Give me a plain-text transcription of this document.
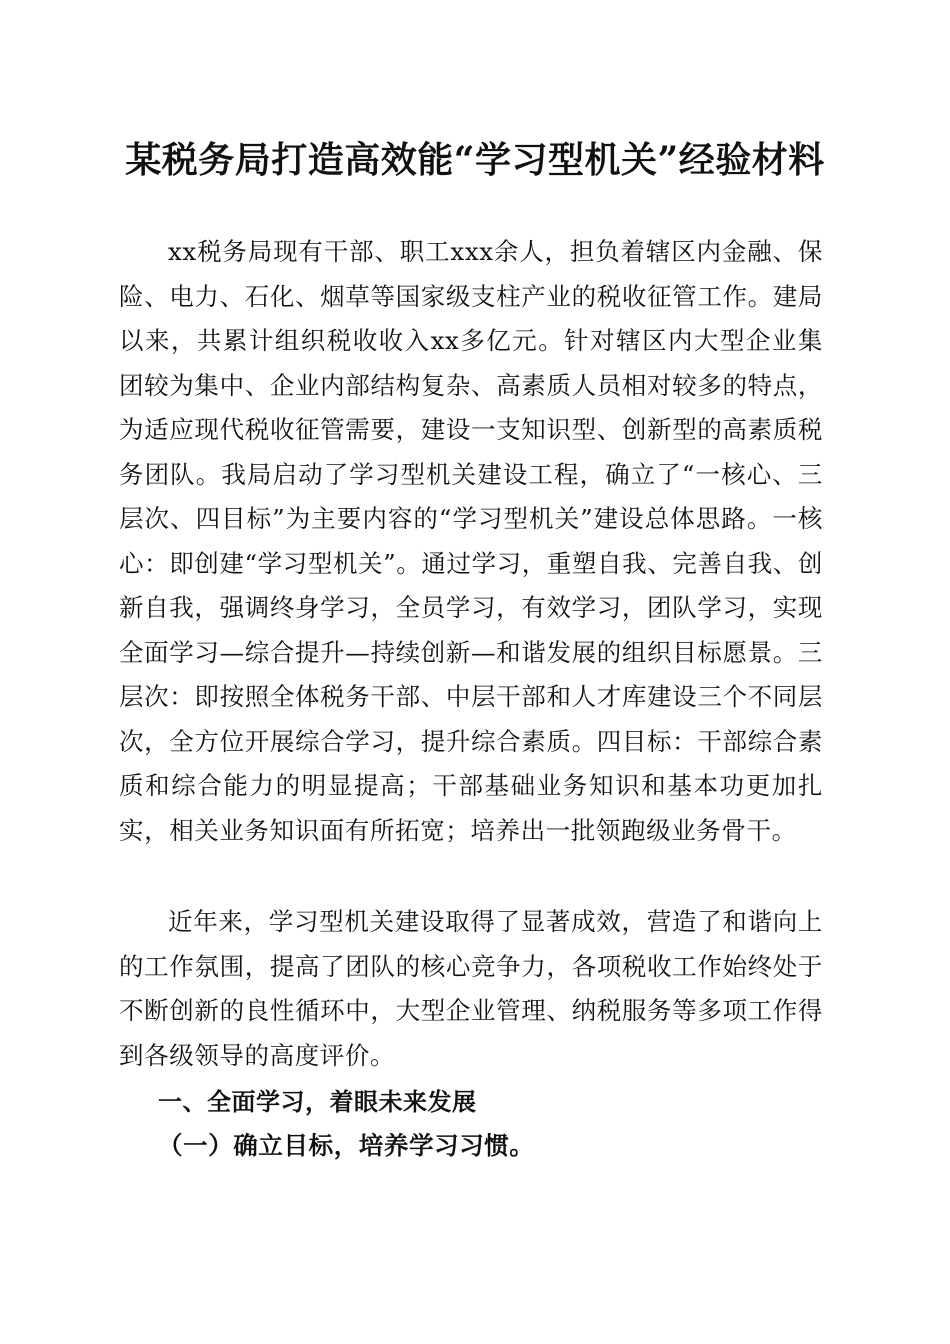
某税务局打造高效能“学习型机关”经验材料

xx税务局现有干部、职工xxx余人，担负着辖区内金融、保险、电力、石化、烟草等国家级支柱产业的税收征管工作。建局以来，共累计组织税收收入xx多亿元。针对辖区内大型企业集团较为集中、企业内部结构复杂、高素质人员相对较多的特点，为适应现代税收征管需要，建设一支知识型、创新型的高素质税务团队。我局启动了学习型机关建设工程，确立了“一核心、三层次、四目标”为主要内容的“学习型机关”建设总体思路。一核心：即创建“学习型机关”。通过学习，重塑自我、完善自我、创新自我，强调终身学习，全员学习，有效学习，团队学习，实现全面学习—综合提升—持续创新—和谐发展的组织目标愿景。三层次：即按照全体税务干部、中层干部和人才库建设三个不同层次，全方位开展综合学习，提升综合素质。四目标：干部综合素质和综合能力的明显提高；干部基础业务知识和基本功更加扎实，相关业务知识面有所拓宽；培养出一批领跑级业务骨干。

近年来，学习型机关建设取得了显著成效，营造了和谐向上的工作氛围，提高了团队的核心竞争力，各项税收工作始终处于不断创新的良性循环中，大型企业管理、纳税服务等多项工作得到各级领导的高度评价。

一、全面学习，着眼未来发展
（一）确立目标，培养学习习惯。
